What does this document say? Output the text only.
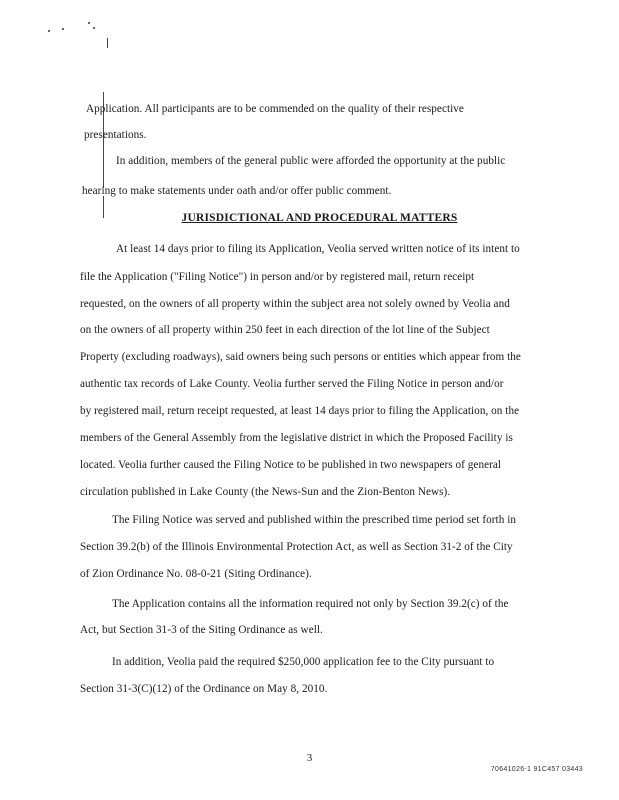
Application. All participants are to be commended on the quality of their respective
presentations.
In addition, members of the general public were afforded the opportunity at the public
hearing to make statements under oath and/or offer public comment.
JURISDICTIONAL AND PROCEDURAL MATTERS
At least 14 days prior to filing its Application, Veolia served written notice of its intent to
file the Application ("Filing Notice") in person and/or by registered mail, return receipt
requested, on the owners of all property within the subject area not solely owned by Veolia and
on the owners of all property within 250 feet in each direction of the lot line of the Subject
Property (excluding roadways), said owners being such persons or entities which appear from the
authentic tax records of Lake County. Veolia further served the Filing Notice in person and/or
by registered mail, return receipt requested, at least 14 days prior to filing the Application, on the
members of the General Assembly from the legislative district in which the Proposed Facility is
located. Veolia further caused the Filing Notice to be published in two newspapers of general
circulation published in Lake County (the News-Sun and the Zion-Benton News).
The Filing Notice was served and published within the prescribed time period set forth in
Section 39.2(b) of the Illinois Environmental Protection Act, as well as Section 31-2 of the City
of Zion Ordinance No. 08-0-21 (Siting Ordinance).
The Application contains all the information required not only by Section 39.2(c) of the
Act, but Section 31-3 of the Siting Ordinance as well.
In addition, Veolia paid the required $250,000 application fee to the City pursuant to
Section 31-3(C)(12) of the Ordinance on May 8, 2010.
3
70641026-1 91C457 03443
